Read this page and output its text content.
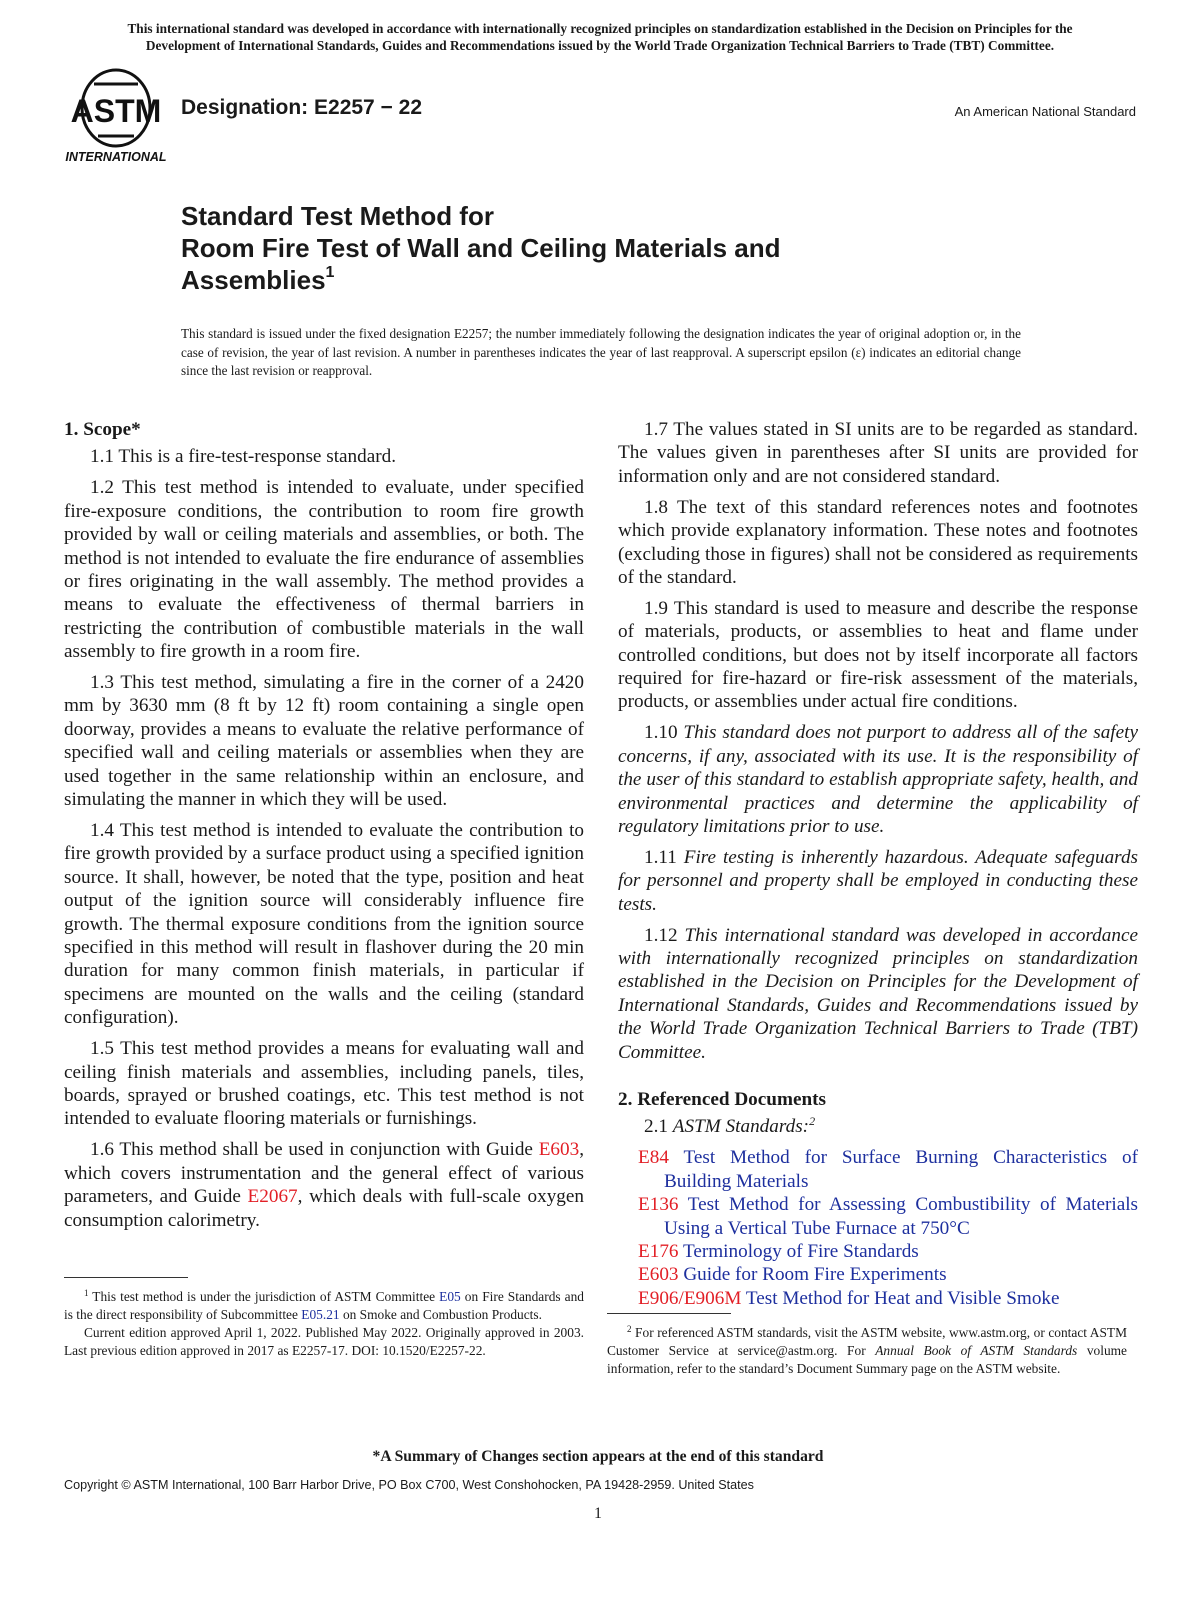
This international standard was developed in accordance with internationally recognized principles on standardization established in the Decision on Principles for the
Development of International Standards, Guides and Recommendations issued by the World Trade Organization Technical Barriers to Trade (TBT) Committee.
ASTM
INTERNATIONAL
Designation: E2257 − 22	An American National Standard
Standard Test Method for
Room Fire Test of Wall and Ceiling Materials and
Assemblies$^1$
This standard is issued under the fixed designation E2257; the number immediately following the designation indicates the year of original adoption or, in the case of revision, the year of last revision. A number in parentheses indicates the year of last reapproval. A superscript epsilon (ε) indicates an editorial change since the last revision or reapproval.
1. Scope*

1.1 This is a fire-test-response standard.

1.2 This test method is intended to evaluate, under specified fire-exposure conditions, the contribution to room fire growth provided by wall or ceiling materials and assemblies, or both. The method is not intended to evaluate the fire endurance of assemblies or fires originating in the wall assembly. The method provides a means to evaluate the effectiveness of thermal barriers in restricting the contribution of combustible materials in the wall assembly to fire growth in a room fire.

1.3 This test method, simulating a fire in the corner of a 2420 mm by 3630 mm (8 ft by 12 ft) room containing a single open doorway, provides a means to evaluate the relative performance of specified wall and ceiling materials or assemblies when they are used together in the same relationship within an enclosure, and simulating the manner in which they will be used.

1.4 This test method is intended to evaluate the contribution to fire growth provided by a surface product using a specified ignition source. It shall, however, be noted that the type, position and heat output of the ignition source will considerably influence fire growth. The thermal exposure conditions from the ignition source specified in this method will result in flashover during the 20 min duration for many common finish materials, in particular if specimens are mounted on the walls and the ceiling (standard configuration).

1.5 This test method provides a means for evaluating wall and ceiling finish materials and assemblies, including panels, tiles, boards, sprayed or brushed coatings, etc. This test method is not intended to evaluate flooring materials or furnishings.

1.6 This method shall be used in conjunction with Guide E603, which covers instrumentation and the general effect of various parameters, and Guide E2067, which deals with full-scale oxygen consumption calorimetry.

1.7 The values stated in SI units are to be regarded as standard. The values given in parentheses after SI units are provided for information only and are not considered standard.

1.8 The text of this standard references notes and footnotes which provide explanatory information. These notes and footnotes (excluding those in figures) shall not be considered as requirements of the standard.

1.9 This standard is used to measure and describe the response of materials, products, or assemblies to heat and flame under controlled conditions, but does not by itself incorporate all factors required for fire-hazard or fire-risk assessment of the materials, products, or assemblies under actual fire conditions.

1.10 This standard does not purport to address all of the safety concerns, if any, associated with its use. It is the responsibility of the user of this standard to establish appropriate safety, health, and environmental practices and determine the applicability of regulatory limitations prior to use.

1.11 Fire testing is inherently hazardous. Adequate safeguards for personnel and property shall be employed in conducting these tests.

1.12 This international standard was developed in accordance with internationally recognized principles on standardization established in the Decision on Principles for the Development of International Standards, Guides and Recommendations issued by the World Trade Organization Technical Barriers to Trade (TBT) Committee.

2. Referenced Documents

2.1 ASTM Standards:$^2$

E84 Test Method for Surface Burning Characteristics of Building Materials
E136 Test Method for Assessing Combustibility of Materials Using a Vertical Tube Furnace at 750°C
E176 Terminology of Fire Standards
E603 Guide for Room Fire Experiments
E906/E906M Test Method for Heat and Visible Smoke

$^1$ This test method is under the jurisdiction of ASTM Committee E05 on Fire Standards and is the direct responsibility of Subcommittee E05.21 on Smoke and Combustion Products.

Current edition approved April 1, 2022. Published May 2022. Originally approved in 2003. Last previous edition approved in 2017 as E2257-17. DOI: 10.1520/E2257-22.

$^2$ For referenced ASTM standards, visit the ASTM website, www.astm.org, or contact ASTM Customer Service at service@astm.org. For Annual Book of ASTM Standards volume information, refer to the standard’s Document Summary page on the ASTM website.

*A Summary of Changes section appears at the end of this standard
Copyright © ASTM International, 100 Barr Harbor Drive, PO Box C700, West Conshohocken, PA 19428-2959. United States
1
